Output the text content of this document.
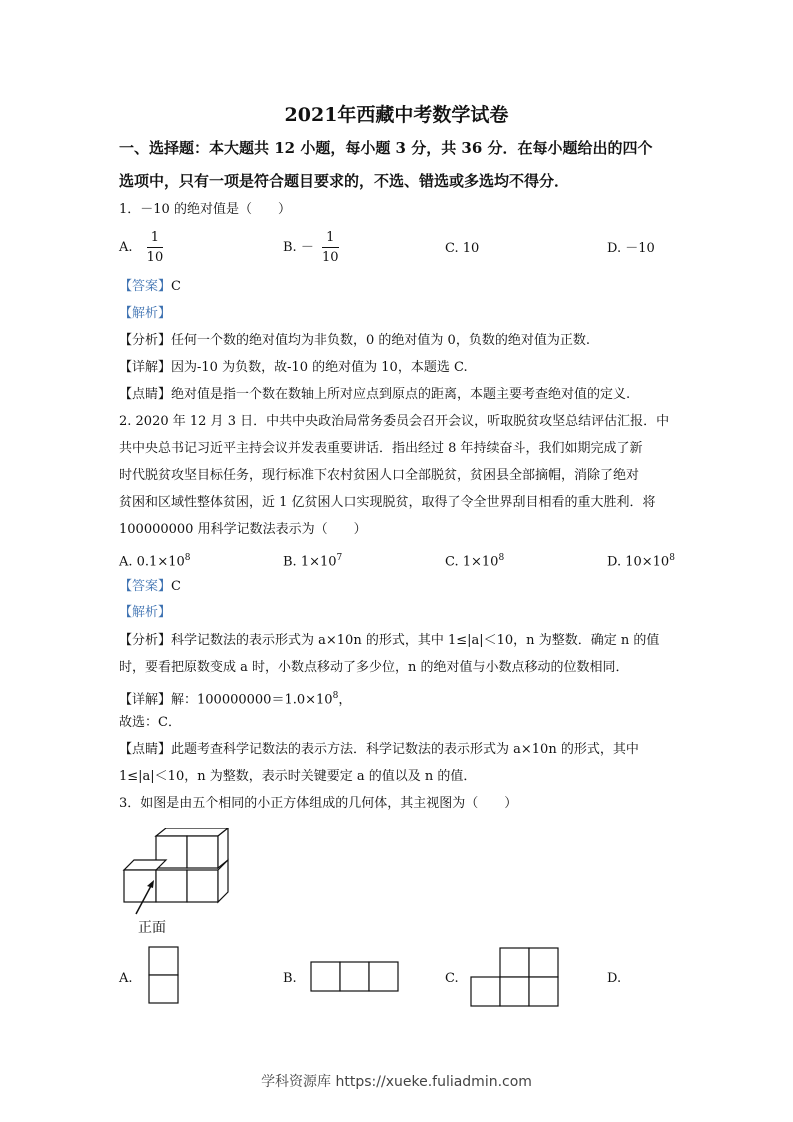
2021年西藏中考数学试卷
一、选择题：本大题共 12 小题，每小题 3 分，共 36 分．在每小题给出的四个
选项中，只有一项是符合题目要求的，不选、错选或多选均不得分．
1．－10 的绝对值是（　　）
A. $\frac{1}{10}$	B. － $\frac{1}{10}$	C. 10	D. －10
【答案】C
【解析】
【分析】任何一个数的绝对值均为非负数，0 的绝对值为 0，负数的绝对值为正数.
【详解】因为-10 为负数，故-10 的绝对值为 10，本题选 C.
【点睛】绝对值是指一个数在数轴上所对应点到原点的距离，本题主要考查绝对值的定义.
2. 2020 年 12 月 3 日．中共中央政治局常务委员会召开会议，听取脱贫攻坚总结评估汇报．中
共中央总书记习近平主持会议并发表重要讲话．指出经过 8 年持续奋斗，我们如期完成了新
时代脱贫攻坚目标任务，现行标准下农村贫困人口全部脱贫，贫困县全部摘帽，消除了绝对
贫困和区域性整体贫困，近 1 亿贫困人口实现脱贫，取得了令全世界刮目相看的重大胜利．将
100000000 用科学记数法表示为（　　）
A. $0.1\times 10^8$	B. $1\times 10^7$	C. $1\times 10^8$	D. $10\times 10^8$
【答案】C
【解析】
【分析】科学记数法的表示形式为 a×10n 的形式，其中 1≤|a|＜10，n 为整数．确定 n 的值
时，要看把原数变成 a 时，小数点移动了多少位，n 的绝对值与小数点移动的位数相同．
【详解】解：$100000000=1.0\times 10^8$，
故选：C．
【点睛】此题考查科学记数法的表示方法．科学记数法的表示形式为 a×10n 的形式，其中
1≤|a|＜10，n 为整数，表示时关键要定 a 的值以及 n 的值．
3．如图是由五个相同的小正方体组成的几何体，其主视图为（　　）
正面
A.	B.	C.	D.
学科资源库 https://xueke.fuliadmin.com
